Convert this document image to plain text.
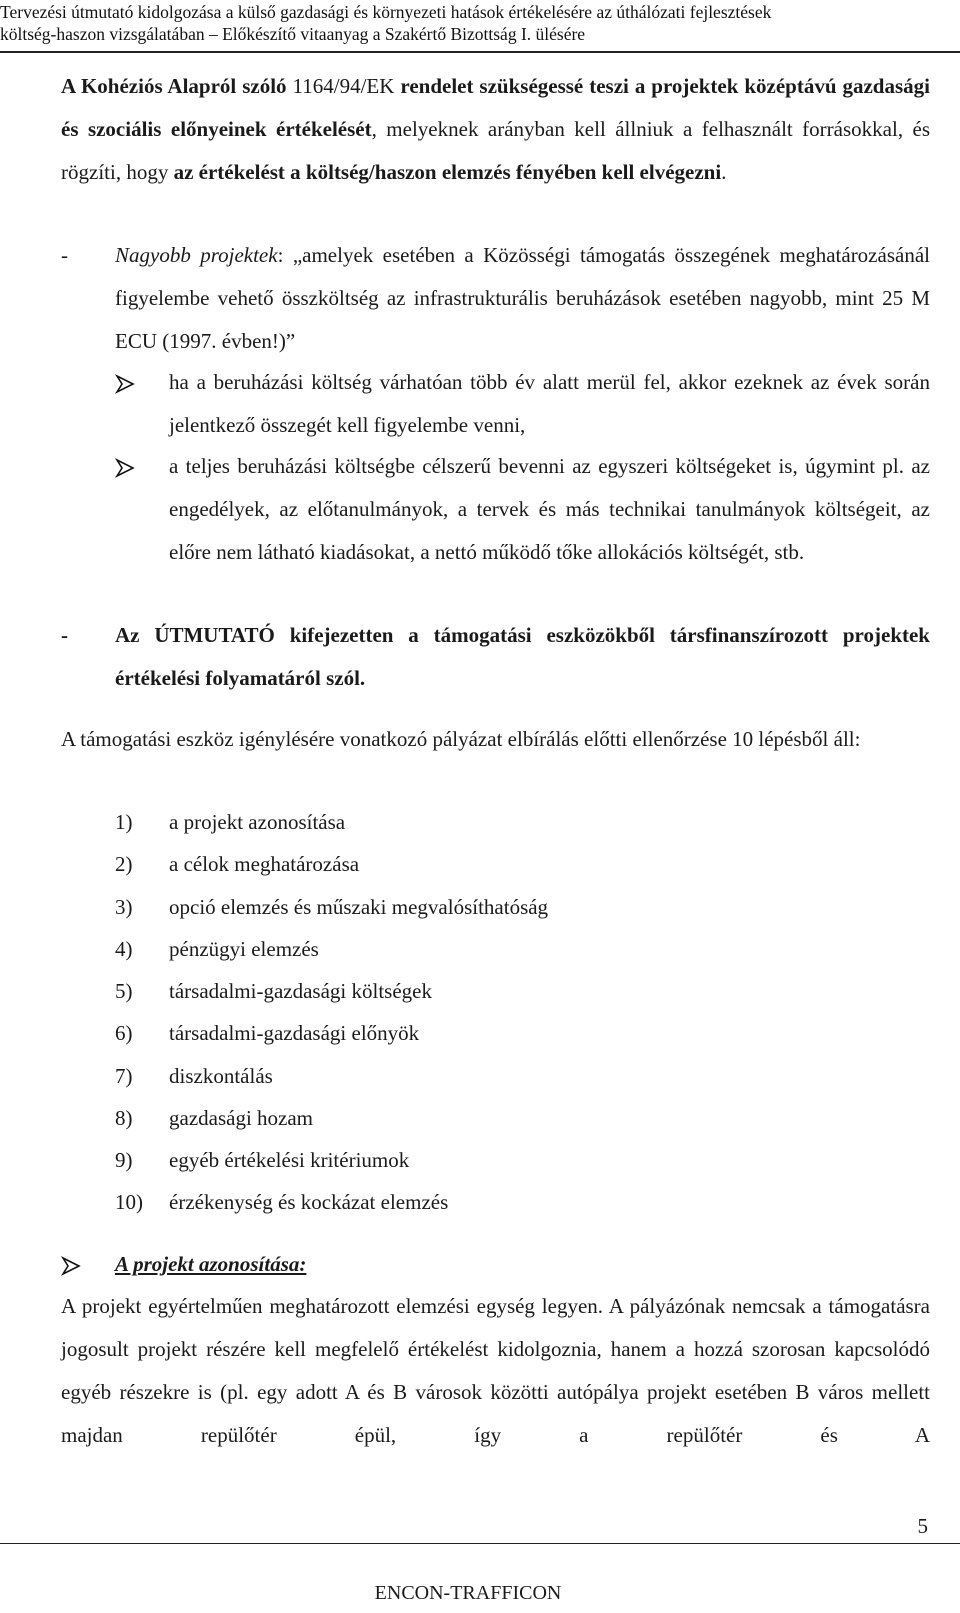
Tervezési útmutató kidolgozása a külső gazdasági és környezeti hatások értékelésére az úthálózati fejlesztések
költség-haszon vizsgálatában – Előkészítő vitaanyag a Szakértő Bizottság I. ülésére
A Kohéziós Alapról szóló 1164/94/EK rendelet szükségessé teszi a projektek középtávú gazdasági és szociális előnyeinek értékelését, melyeknek arányban kell állniuk a felhasznált forrásokkal, és rögzíti, hogy az értékelést a költség/haszon elemzés fényében kell elvégezni.
- Nagyobb projektek: „amelyek esetében a Közösségi támogatás összegének meghatározásánál figyelembe vehető összköltség az infrastrukturális beruházások esetében nagyobb, mint 25 M ECU (1997. évben!)”
ha a beruházási költség várhatóan több év alatt merül fel, akkor ezeknek az évek során jelentkező összegét kell figyelembe venni,
a teljes beruházási költségbe célszerű bevenni az egyszeri költségeket is, úgymint pl. az engedélyek, az előtanulmányok, a tervek és más technikai tanulmányok költségeit, az előre nem látható kiadásokat, a nettó működő tőke allokációs költségét, stb.
- Az ÚTMUTATÓ kifejezetten a támogatási eszközökből társfinanszírozott projektek értékelési folyamatáról szól.
A támogatási eszköz igénylésére vonatkozó pályázat elbírálás előtti ellenőrzése 10 lépésből áll:
1) a projekt azonosítása
2) a célok meghatározása
3) opció elemzés és műszaki megvalósíthatóság
4) pénzügyi elemzés
5) társadalmi-gazdasági költségek
6) társadalmi-gazdasági előnyök
7) diszkontálás
8) gazdasági hozam
9) egyéb értékelési kritériumok
10) érzékenység és kockázat elemzés
A projekt azonosítása:
A projekt egyértelműen meghatározott elemzési egység legyen. A pályázónak nemcsak a támogatásra jogosult projekt részére kell megfelelő értékelést kidolgoznia, hanem a hozzá szorosan kapcsolódó egyéb részekre is (pl. egy adott A és B városok közötti autópálya projekt esetében B város mellett majdan repülőtér épül, így a repülőtér és A
5
ENCON-TRAFFICON
